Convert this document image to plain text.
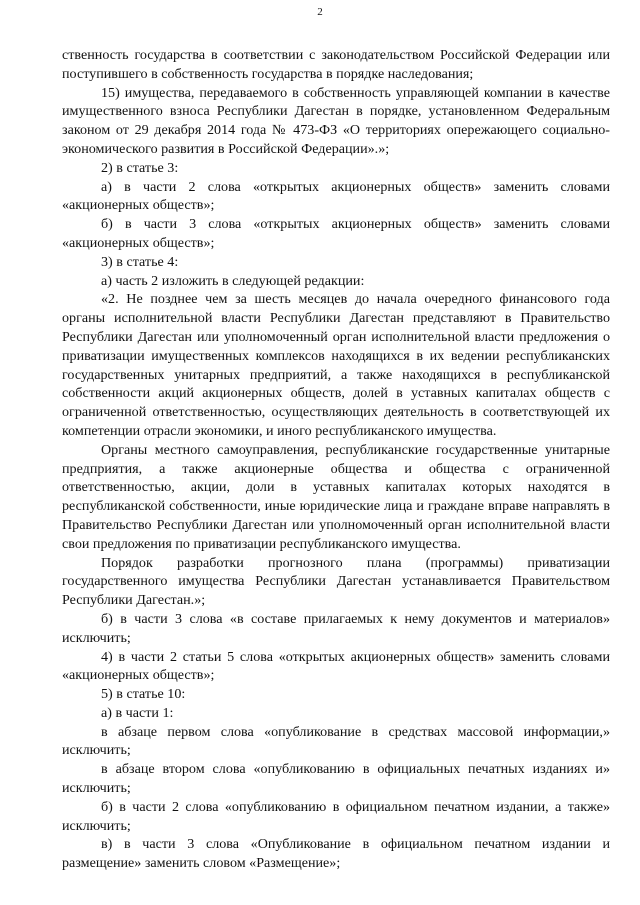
2

ственность государства в соответствии с законодательством Российской Федерации или поступившего в собственность государства в порядке наследования;

15) имущества, передаваемого в собственность управляющей компании в качестве имущественного взноса Республики Дагестан в порядке, установленном Федеральным законом от 29 декабря 2014 года № 473-ФЗ «О территориях опережающего социально-экономического развития в Российской Федерации».»;

2) в статье 3:

а) в части 2 слова «открытых акционерных обществ» заменить словами «акционерных обществ»;

б) в части 3 слова «открытых акционерных обществ» заменить словами «акционерных обществ»;

3) в статье 4:

а) часть 2 изложить в следующей редакции:

«2. Не позднее чем за шесть месяцев до начала очередного финансового года органы исполнительной власти Республики Дагестан представляют в Правительство Республики Дагестан или уполномоченный орган исполнительной власти предложения о приватизации имущественных комплексов находящихся в их ведении республиканских государственных унитарных предприятий, а также находящихся в республиканской собственности акций акционерных обществ, долей в уставных капиталах обществ с ограниченной ответственностью, осуществляющих деятельность в соответствующей их компетенции отрасли экономики, и иного республиканского имущества.

Органы местного самоуправления, республиканские государственные унитарные предприятия, а также акционерные общества и общества с ограниченной ответственностью, акции, доли в уставных капиталах которых находятся в республиканской собственности, иные юридические лица и граждане вправе направлять в Правительство Республики Дагестан или уполномоченный орган исполнительной власти свои предложения по приватизации республиканского имущества.

Порядок разработки прогнозного плана (программы) приватизации государственного имущества Республики Дагестан устанавливается Правительством Республики Дагестан.»;

б) в части 3 слова «в составе прилагаемых к нему документов и материалов» исключить;

4) в части 2 статьи 5 слова «открытых акционерных обществ» заменить словами «акционерных обществ»;

5) в статье 10:

а) в части 1:

в абзаце первом слова «опубликование в средствах массовой информации,» исключить;

в абзаце втором слова «опубликованию в официальных печатных изданиях и» исключить;

б) в части 2 слова «опубликованию в официальном печатном издании, а также» исключить;

в) в части 3 слова «Опубликование в официальном печатном издании и размещение» заменить словом «Размещение»;
